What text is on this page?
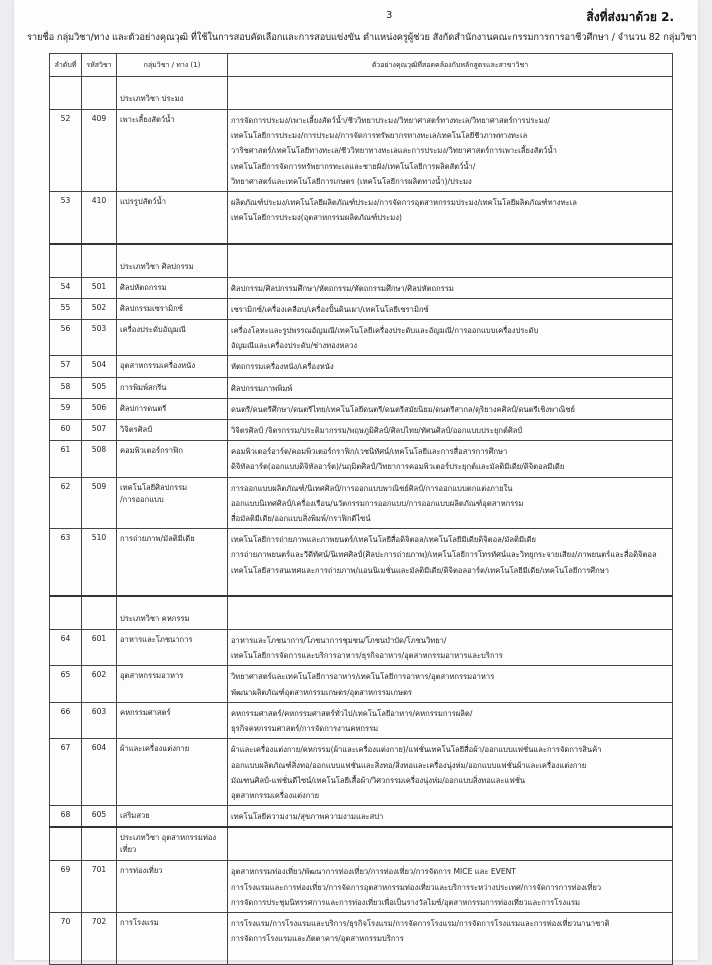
3	สิ่งที่ส่งมาด้วย 2.
รายชื่อ กลุ่มวิชา/ทาง และตัวอย่างคุณวุฒิ ที่ใช้ในการสอบคัดเลือกและการสอบแข่งขัน ตำแหน่งครูผู้ช่วย สังกัดสำนักงานคณะกรรมการการอาชีวศึกษา / จำนวน 82 กลุ่มวิชา
ลำดับที่	รหัสวิชา	กลุ่มวิชา / ทาง (1)	ตัวอย่างคุณวุฒิที่สอดคล้องกับหลักสูตรและสาขาวิชา
		ประเภทวิชา ประมง	
52	409	เพาะเลี้ยงสัตว์น้ำ	การจัดการประมง/เพาะเลี้ยงสัตว์น้ำ/ชีววิทยาประมง/วิทยาศาสตร์ทางทะเล/วิทยาศาสตร์การประมง/
เทคโนโลยีการประมง/การประมง/การจัดการทรัพยากรทางทะเล/เทคโนโลยีชีวภาพทางทะเล
วาริชศาสตร์/เทคโนโลยีทางทะเล/ชีววิทยาทางทะเลและการประมง/วิทยาศาสตร์การเพาะเลี้ยงสัตว์น้ำ
เทคโนโลยีการจัดการทรัพยากรทะเลและชายฝั่ง/เทคโนโลยีการผลิตสัตว์น้ำ/
วิทยาศาสตร์และเทคโนโลยีการเกษตร (เทคโนโลยีการผลิตทางน้ำ)/ประมง

53	410	แปรรูปสัตว์น้ำ	ผลิตภัณฑ์ประมง/เทคโนโลยีผลิตภัณฑ์ประมง/การจัดการอุตสาหกรรมประมง/เทคโนโลยีผลิตภัณฑ์ทางทะเล
เทคโนโลยีการประมง(อุตสาหกรรมผลิตภัณฑ์ประมง)

		ประเภทวิชา ศิลปกรรม	
54	501	ศิลปหัตถกรรม	ศิลปกรรม/ศิลปกรรมศึกษา/หัตถกรรม/หัตถกรรมศึกษา/ศิลปหัตถกรรม

55	502	ศิลปกรรมเซรามิกซ์	เซรามิกซ์/เครื่องเคลือบ/เครื่องปั้นดินเผา/เทคโนโลยีเซรามิกซ์

56	503	เครื่องประดับอัญมณี	เครื่องโลหะและรูปพรรณอัญมณี/เทคโนโลยีเครื่องประดับและอัญมณี/การออกแบบเครื่องประดับ
อัญมณีและเครื่องประดับ/ช่างทองหลวง

57	504	อุตสาหกรรมเครื่องหนัง	หัตถกรรมเครื่องหนัง/เครื่องหนัง

58	505	การพิมพ์สกรีน	ศิลปกรรมภาพพิมพ์

59	506	ศิลปการดนตรี	ดนตรี/ดนตรีศึกษา/ดนตรีไทย/เทคโนโลยีดนตรี/ดนตรีสมัยนิยม/ดนตรีสากล/ดุริยางคศิลป์/ดนตรีเชิงพาณิชย์

60	507	วิจิตรศิลป์	วิจิตรศิลป์ /จิตรกรรม/ประติมากรรม/พฤษภูมิศิลป์/ศิลปไทย/ทัศนศิลป์/ออกแบบประยุกต์ศิลป์

61	508	คอมพิวเตอร์กราฟิก	คอมพิวเตอร์อาร์ต/คอมพิวเตอร์กราฟิก/เวชนิทัศน์/เทคโนโลยีและการสื่อสารการศึกษา
ดิจิทัลอาร์ต(ออกแบบดิจิทัลอาร์ต)/นฤมิตศิลป์/วิทยาการคอมพิวเตอร์ประยุกต์และมัลติมีเดีย/ดิจิตอลมีเดีย

62	509	เทคโนโลยีศิลปกรรม
/การออกแบบ	การออกแบบผลิตภัณฑ์/นิเทศศิลป์/การออกแบบพาณิชย์ศิลป์/การออกแบบตกแต่งภายใน
ออกแบบนิเทศศิลป์/เครื่องเรือน/นวัตกรรมการออกแบบ/การออกแบบผลิตภัณฑ์อุตสาหกรรม
สื่อมัลติมีเดีย/ออกแบบสิ่งพิมพ์/กราฟิกดีไซน์

63	510	การถ่ายภาพ/มัลติมีเดีย	เทคโนโลยีการถ่ายภาพและภาพยนตร์/เทคโนโลยีสื่อดิจิตอล/เทคโนโลยีมีเดียดิจิตอล/มัลติมีเดีย
การถ่ายภาพยนตร์และวีดีทัศน์/นิเทศศิลป์(ศิลปะการถ่ายภาพ)/เทคโนโลยีการโทรทัศน์และวิทยุกระจายเสียง/ภาพยนตร์และสื่อดิจิตอล
เทคโนโลยีสารสนเทศและการถ่ายภาพ/แอนนิเมชั่นและมัลติมีเดีย/ดิจิตอลอาร์ต/เทคโนโลยีมีเดีย/เทคโนโลยีการศึกษา

		ประเภทวิชา คหกรรม	
64	601	อาหารและโภชนาการ	อาหารและโภชนาการ/โภชนาการชุมชน/โภชนบำบัด/โภชนวิทยา/
เทคโนโลยีการจัดการและบริการอาหาร/ธุรกิจอาหาร/อุตสาหกรรมอาหารและบริการ

65	602	อุตสาหกรรมอาหาร	วิทยาศาสตร์และเทคโนโลยีการอาหาร/เทคโนโลยีการอาหาร/อุตสาหกรรมอาหาร
พัฒนาผลิตภัณฑ์อุตสาหกรรมเกษตร/อุตสาหกรรมเกษตร

66	603	คหกรรมศาสตร์	คหกรรมศาสตร์/คหกรรมศาสตร์ทั่วไป/เทคโนโลยีอาหาร/คหกรรมการผลิต/
ธุรกิจคหกรรมศาสตร์/การจัดการงานคหกรรม

67	604	ผ้าและเครื่องแต่งกาย	ผ้าและเครื่องแต่งกาย/คหกรรม(ผ้าและเครื่องแต่งกาย)/แฟชั่นเทคโนโลยีสื่อผ้า/ออกแบบแฟชั่นและการจัดการสินค้า
ออกแบบผลิตภัณฑ์สิ่งทอ/ออกแบบแฟชั่นและสิ่งทอ/สิ่งทอและเครื่องนุ่งห่ม/ออกแบบแฟชั่นผ้าและเครื่องแต่งกาย
มัณฑนศิลป์-แฟชั่นดีไซน์/เทคโนโลยีเสื้อผ้า/วิศวกรรมเครื่องนุ่งห่ม/ออกแบบสิ่งทอและแฟชั่น
อุตสาหกรรมเครื่องแต่งกาย

68	605	เสริมสวย	เทคโนโลยีความงาม/สุขภาพความงามและสปา

		ประเภทวิชา อุตสาหกรรมท่องเที่ยว	
69	701	การท่องเที่ยว	อุตสาหกรรมท่องเที่ยว/พัฒนาการท่องเที่ยว/การท่องเที่ยว/การจัดการ MICE และ EVENT
การโรงแรมและการท่องเที่ยว/การจัดการอุตสาหกรรมท่องเที่ยวและบริการระหว่างประเทศ/การจัดการการท่องเที่ยว
การจัดการประชุมนิทรรศการและการท่องเที่ยวเพื่อเป็นรางวัลไมซ์/อุตสาหกรรมการท่องเที่ยวและการโรงแรม

70	702	การโรงแรม	การโรงแรม/การโรงแรมและบริการ/ธุรกิจโรงแรม/การจัดการโรงแรม/การจัดการโรงแรมและการท่องเที่ยวนานาชาติ
การจัดการโรงแรมและภัตตาคาร/อุตสาหกรรมบริการ
